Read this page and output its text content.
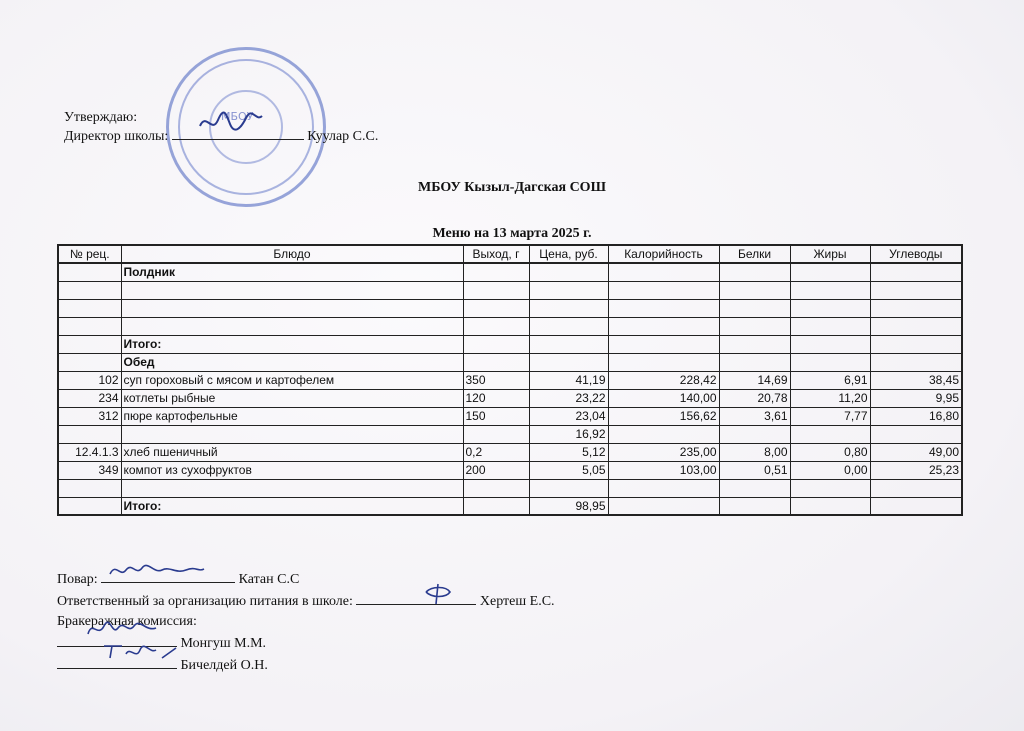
МБОУ
Утверждаю:
Директор школы:	Куулар С.С.
МБОУ Кызыл-Дагская СОШ
Меню на 13 марта 2025 г.
№ рец.	Блюдо	Выход, г	Цена, руб.	Калорийность	Белки	Жиры	Углеводы
	Полдник						

	Итого:						
	Обед						
102	суп гороховый с мясом и картофелем	350	41,19	228,42	14,69	6,91	38,45
234	котлеты рыбные	120	23,22	140,00	20,78	11,20	9,95
312	пюре картофельные	150	23,04	156,62	3,61	7,77	16,80
			16,92				
12.4.1.3	хлеб пшеничный	0,2	5,12	235,00	8,00	0,80	49,00
349	компот из сухофруктов	200	5,05	103,00	0,51	0,00	25,23

	Итого:		98,95				
Повар:	Катан С.С
Ответственный за организацию питания в школе:	Хертеш Е.С.
Бракеражная комиссия:
Монгуш М.М.
Бичелдей О.Н.
